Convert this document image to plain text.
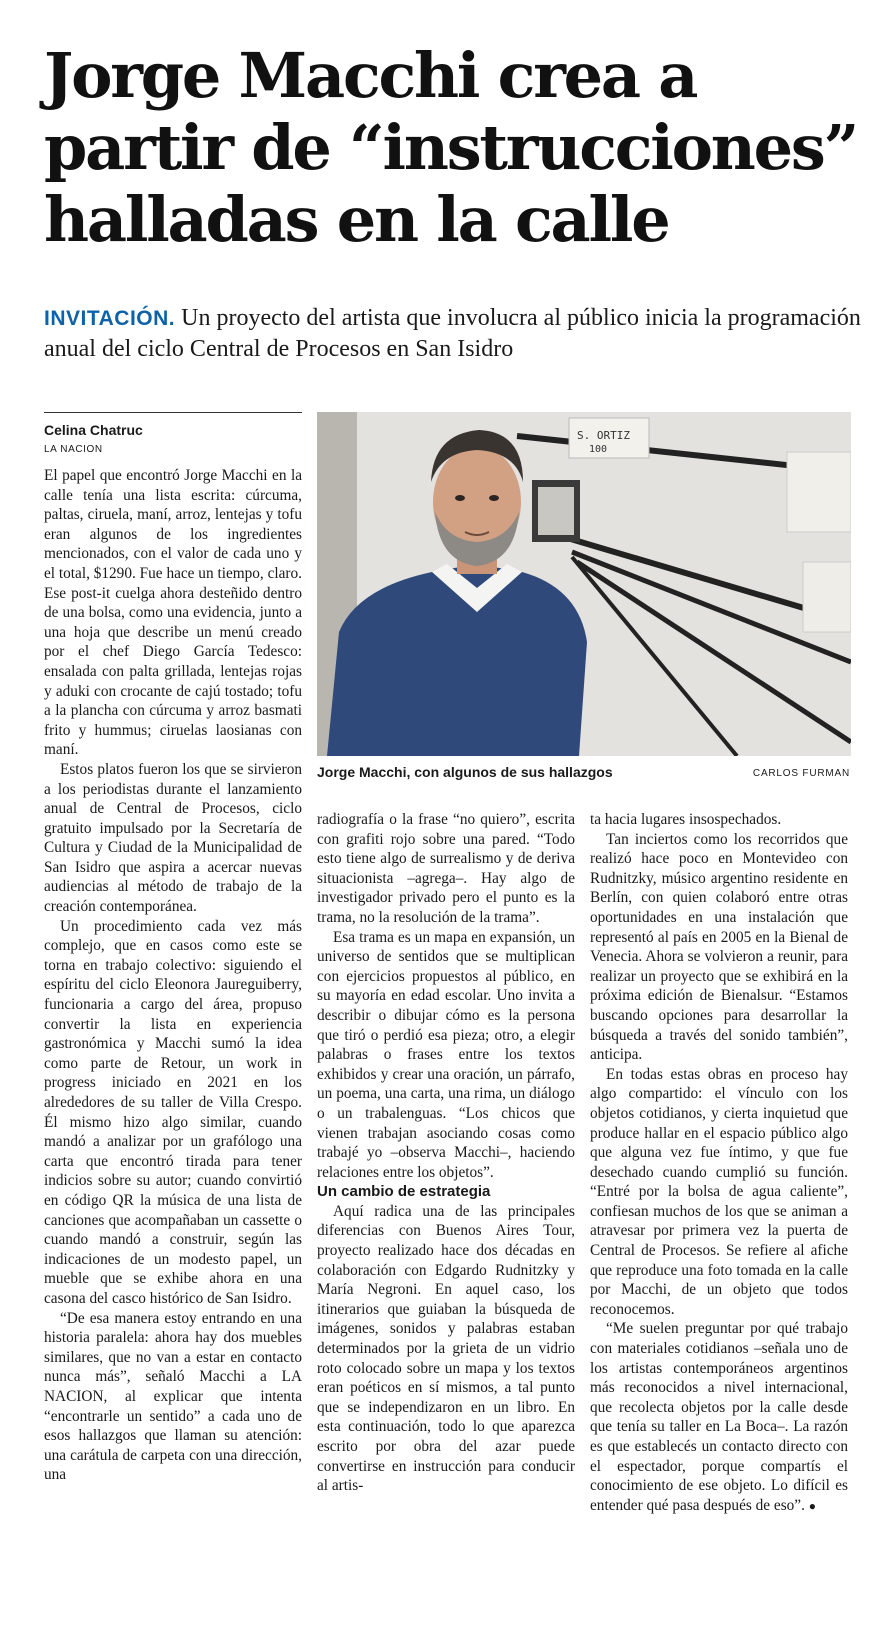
Jorge Macchi crea a partir de “instrucciones” halladas en la calle
INVITACIÓN. Un proyecto del artista que involucra al público inicia la programación anual del ciclo Central de Procesos en San Isidro
Celina Chatruc
LA NACION

El papel que encontró Jorge Macchi en la calle tenía una lista escrita: cúrcuma, paltas, ciruela, maní, arroz, lentejas y tofu eran algunos de los ingredientes mencionados, con el valor de cada uno y el total, $1290. Fue hace un tiempo, claro. Ese post-it cuelga ahora desteñido dentro de una bolsa, como una evidencia, junto a una hoja que describe un menú creado por el chef Diego García Tedesco: ensalada con palta grillada, lentejas rojas y aduki con crocante de cajú tostado; tofu a la plancha con cúrcuma y arroz basmati frito y hummus; ciruelas laosianas con maní.

Estos platos fueron los que se sirvieron a los periodistas durante el lanzamiento anual de Central de Procesos, ciclo gratuito impulsado por la Secretaría de Cultura y Ciudad de la Municipalidad de San Isidro que aspira a acercar nuevas audiencias al método de trabajo de la creación contemporánea.

Un procedimiento cada vez más complejo, que en casos como este se torna en trabajo colectivo: siguiendo el espíritu del ciclo Eleonora Jaureguiberry, funcionaria a cargo del área, propuso convertir la lista en experiencia gastronómica y Macchi sumó la idea como parte de Retour, un work in progress iniciado en 2021 en los alrededores de su taller de Villa Crespo. Él mismo hizo algo similar, cuando mandó a analizar por un grafólogo una carta que encontró tirada para tener indicios sobre su autor; cuando convirtió en código QR la música de una lista de canciones que acompañaban un cassette o cuando mandó a construir, según las indicaciones de un modesto papel, un mueble que se exhibe ahora en una casona del casco histórico de San Isidro.

“De esa manera estoy entrando en una historia paralela: ahora hay dos muebles similares, que no van a estar en contacto nunca más”, señaló Macchi a LA NACION, al explicar que intenta “encontrarle un sentido” a cada uno de esos hallazgos que llaman su atención: una carátula de carpeta con una dirección, una

S. ORTIZ
100
Jorge Macchi, con algunos de sus hallazgos	CARLOS FURMAN

radiografía o la frase “no quiero”, escrita con grafiti rojo sobre una pared. “Todo esto tiene algo de surrealismo y de deriva situacionista –agrega–. Hay algo de investigador privado pero el punto es la trama, no la resolución de la trama”.

Esa trama es un mapa en expansión, un universo de sentidos que se multiplican con ejercicios propuestos al público, en su mayoría en edad escolar. Uno invita a describir o dibujar cómo es la persona que tiró o perdió esa pieza; otro, a elegir palabras o frases entre los textos exhibidos y crear una oración, un párrafo, un poema, una carta, una rima, un diálogo o un trabalenguas. “Los chicos que vienen trabajan asociando cosas como trabajé yo –observa Macchi–, haciendo relaciones entre los objetos”.

Un cambio de estrategia

Aquí radica una de las principales diferencias con Buenos Aires Tour, proyecto realizado hace dos décadas en colaboración con Edgardo Rudnitzky y María Negroni. En aquel caso, los itinerarios que guiaban la búsqueda de imágenes, sonidos y palabras estaban determinados por la grieta de un vidrio roto colocado sobre un mapa y los textos eran poéticos en sí mismos, a tal punto que se independizaron en un libro. En esta continuación, todo lo que aparezca escrito por obra del azar puede convertirse en instrucción para conducir al artis-

ta hacia lugares insospechados.

Tan inciertos como los recorridos que realizó hace poco en Montevideo con Rudnitzky, músico argentino residente en Berlín, con quien colaboró entre otras oportunidades en una instalación que representó al país en 2005 en la Bienal de Venecia. Ahora se volvieron a reunir, para realizar un proyecto que se exhibirá en la próxima edición de Bienalsur. “Estamos buscando opciones para desarrollar la búsqueda a través del sonido también”, anticipa.

En todas estas obras en proceso hay algo compartido: el vínculo con los objetos cotidianos, y cierta inquietud que produce hallar en el espacio público algo que alguna vez fue íntimo, y que fue desechado cuando cumplió su función. “Entré por la bolsa de agua caliente”, confiesan muchos de los que se animan a atravesar por primera vez la puerta de Central de Procesos. Se refiere al afiche que reproduce una foto tomada en la calle por Macchi, de un objeto que todos reconocemos.

“Me suelen preguntar por qué trabajo con materiales cotidianos –señala uno de los artistas contemporáneos argentinos más reconocidos a nivel internacional, que recolecta objetos por la calle desde que tenía su taller en La Boca–. La razón es que establecés un contacto directo con el espectador, porque compartís el conocimiento de ese objeto. Lo difícil es entender qué pasa después de eso”. ●
